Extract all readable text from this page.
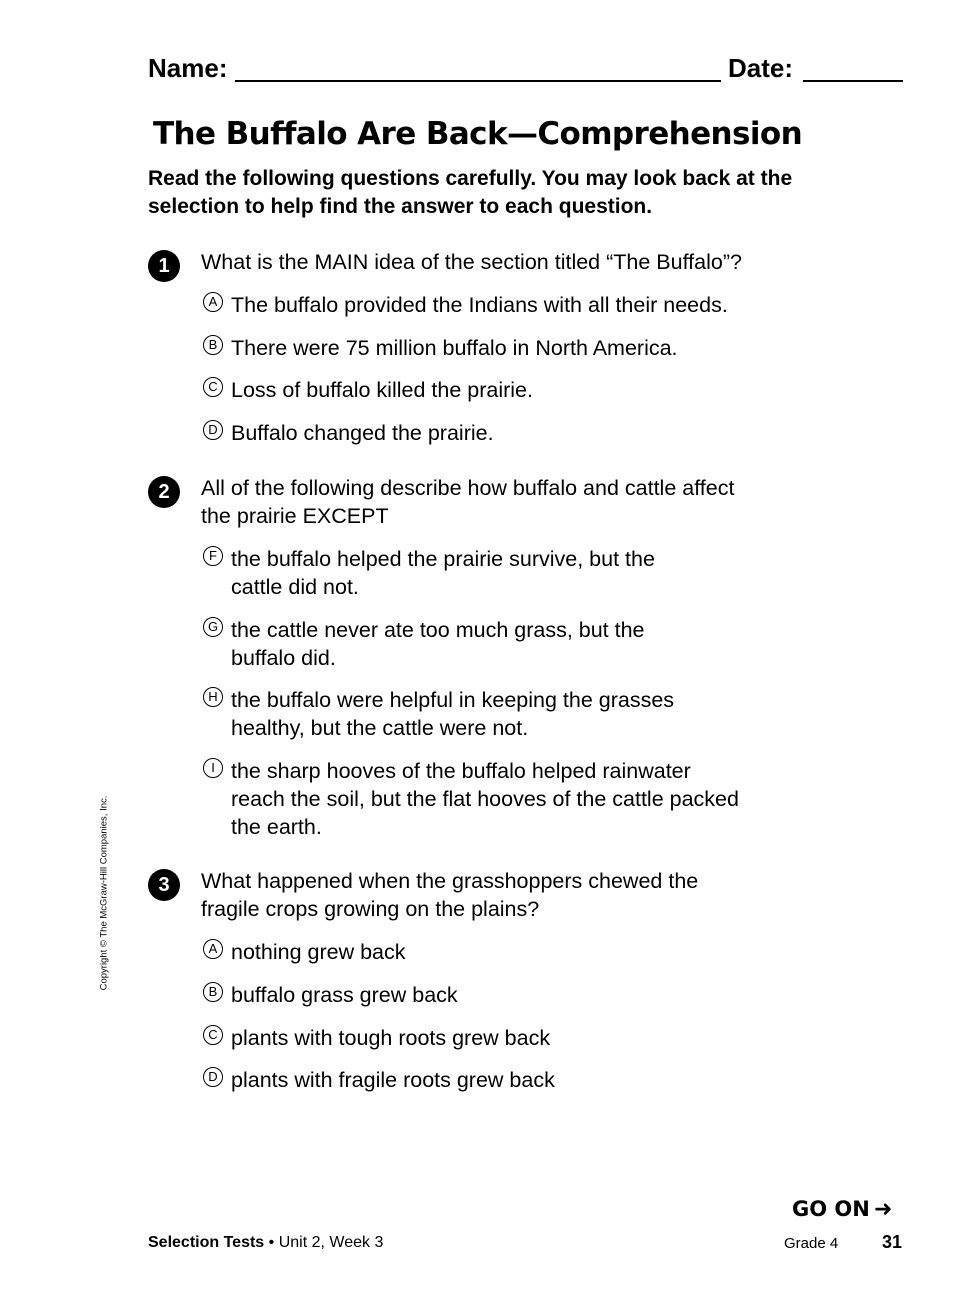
Name:	Date:
The Buffalo Are Back—Comprehension

Read the following questions carefully. You may look back at the selection to help find the answer to each question.

1	What is the MAIN idea of the section titled “The Buffalo”?
A The buffalo provided the Indians with all their needs.
B There were 75 million buffalo in North America.
C Loss of buffalo killed the prairie.
D Buffalo changed the prairie.
2	All of the following describe how buffalo and cattle affect
the prairie EXCEPT
F the buffalo helped the prairie survive, but the
cattle did not.
G the cattle never ate too much grass, but the
buffalo did.
H the buffalo were helpful in keeping the grasses
healthy, but the cattle were not.
I the sharp hooves of the buffalo helped rainwater
reach the soil, but the flat hooves of the cattle packed
the earth.
3	What happened when the grasshoppers chewed the
fragile crops growing on the plains?
A nothing grew back
B buffalo grass grew back
C plants with tough roots grew back
D plants with fragile roots grew back
Copyright © The McGraw-Hill Companies, Inc.
GO ON ➜
Selection Tests • Unit 2, Week 3	Grade 4 31
